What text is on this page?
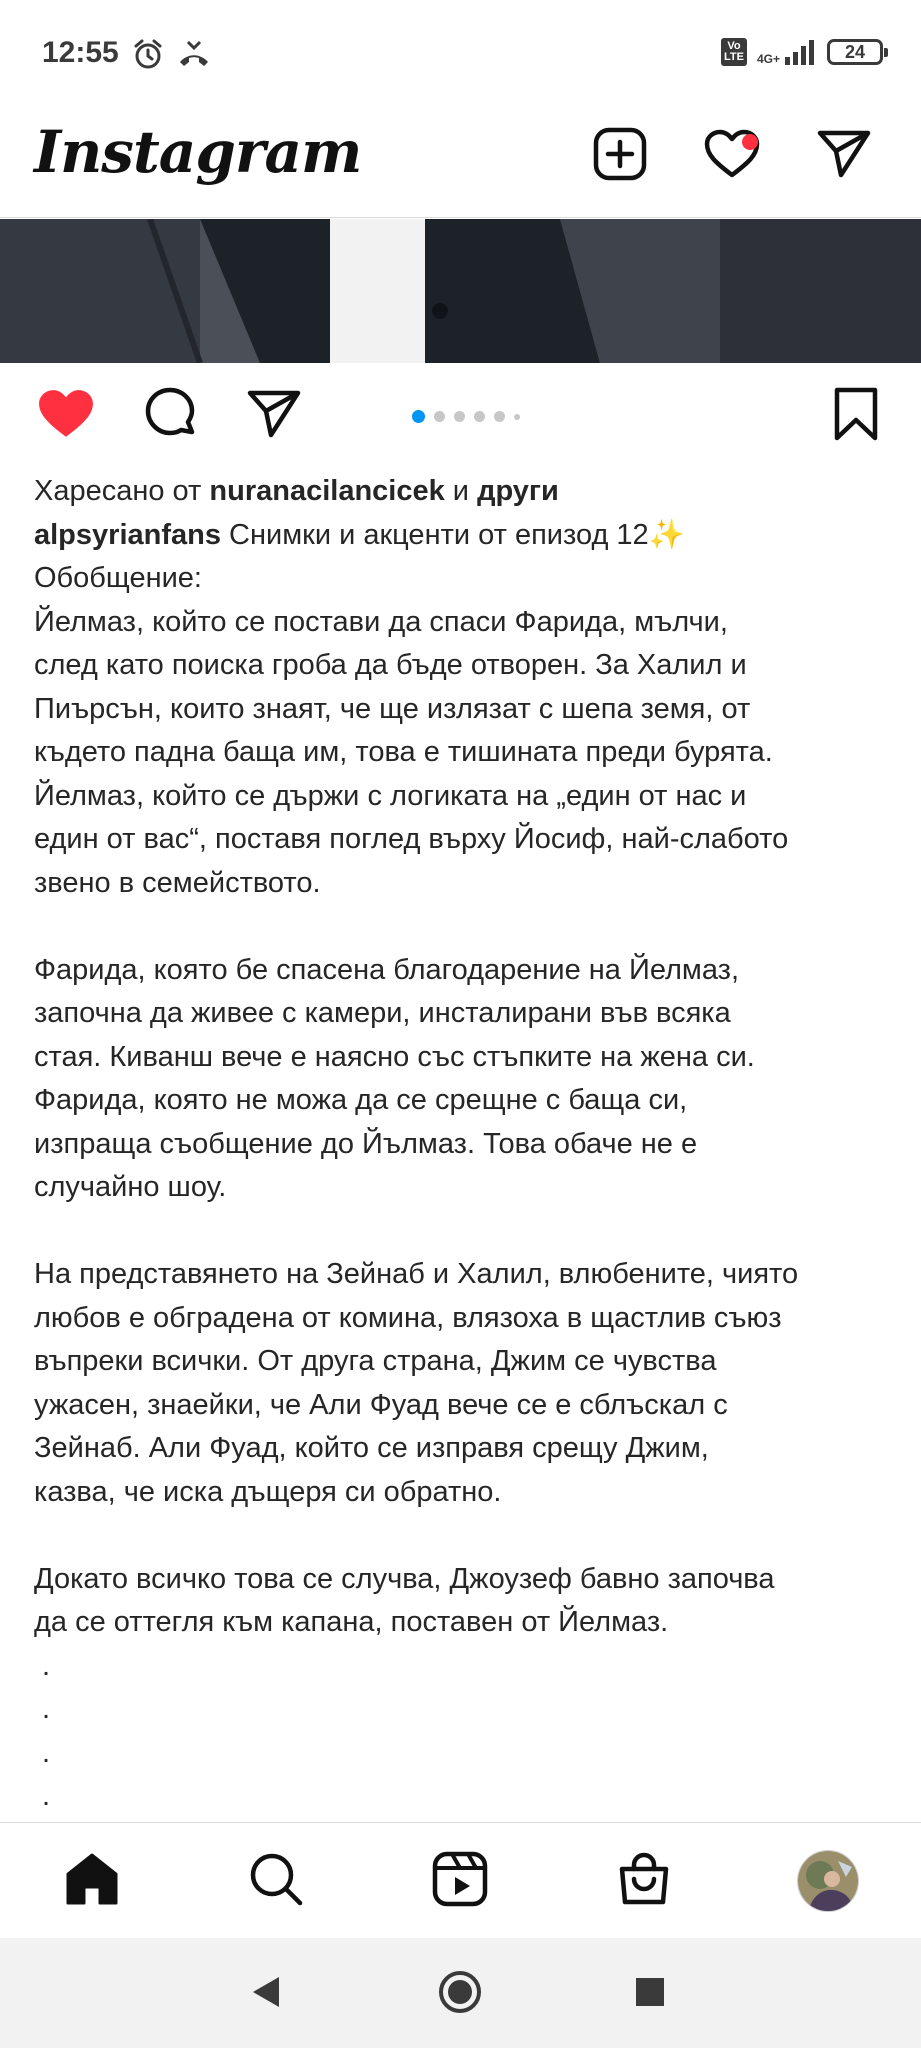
12:55	Vo
LTE 4G+	24
Instagram
Харесано от nuranacilancicek и други
alpsyrianfans Снимки и акценти от епизод 12✨
Обобщение:
Йелмаз, който се постави да спаси Фарида, мълчи,
след като поиска гроба да бъде отворен. За Халил и
Пиърсън, които знаят, че ще излязат с шепа земя, от
където падна баща им, това е тишината преди бурята.
Йелмаз, който се държи с логиката на „един от нас и
един от вас“, поставя поглед върху Йосиф, най-слабото
звено в семейството.
Фарида, която бе спасена благодарение на Йелмаз,
започна да живее с камери, инсталирани във всяка
стая. Киванш вече е наясно със стъпките на жена си.
Фарида, която не можа да се срещне с баща си,
изпраща съобщение до Йълмаз. Това обаче не е
случайно шоу.
На представянето на Зейнаб и Халил, влюбените, чиято
любов е обградена от комина, влязоха в щастлив съюз
въпреки всички. От друга страна, Джим се чувства
ужасен, знаейки, че Али Фуад вече се е сблъскал с
Зейнаб. Али Фуад, който се изправя срещу Джим,
казва, че иска дъщеря си обратно.
Докато всичко това се случва, Джоузеф бавно започва
да се оттегля към капана, поставен от Йелмаз.
.
.
.
.
